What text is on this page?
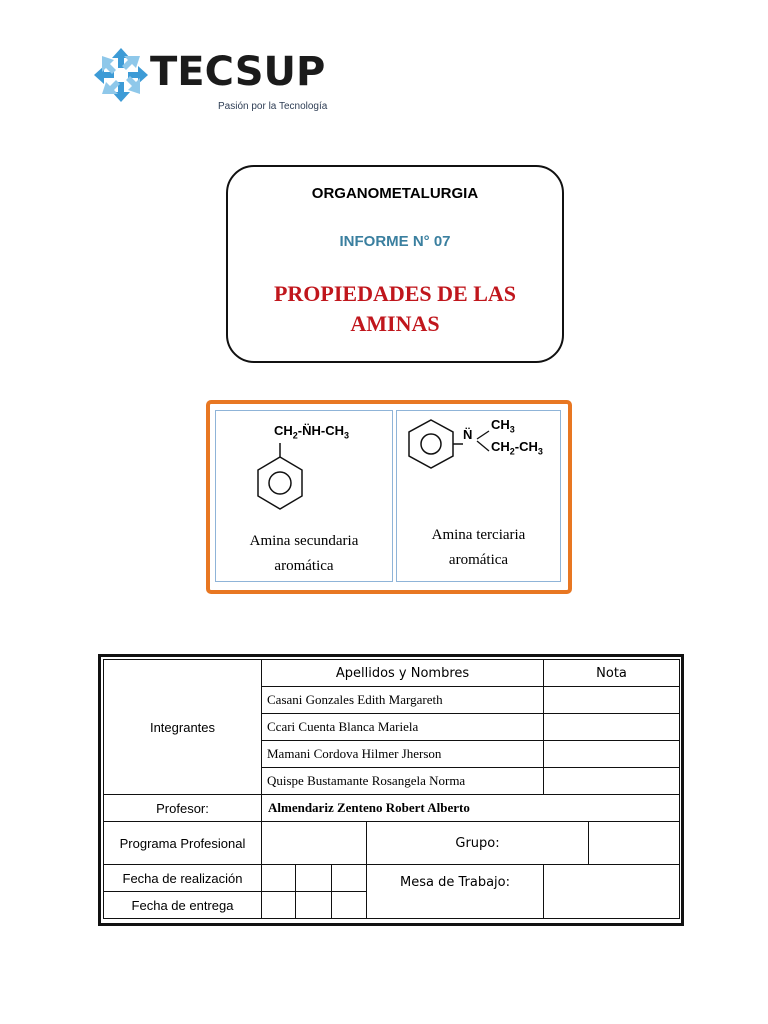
TECSUP
Pasión por la Tecnología
ORGANOMETALURGIA
INFORME N° 07
PROPIEDADES DE LAS
AMINAS
$CH_2-N̈H-CH_3$
Amina secundaria
aromática
N̈
$CH_3$
$CH_2-CH_3$
Amina terciaria
aromática
Integrantes	Apellidos y Nombres				Nota	
	Casani Gonzales Edith Margareth					
	Ccari Cuenta Blanca Mariela					
	Mamani Cordova Hilmer Jherson					
	Quispe Bustamante Rosangela Norma					
Profesor:	Almendariz Zenteno Robert Alberto					
Programa Profesional				Grupo:		
Fecha de realización				Mesa de Trabajo:		
Fecha de entrega						
